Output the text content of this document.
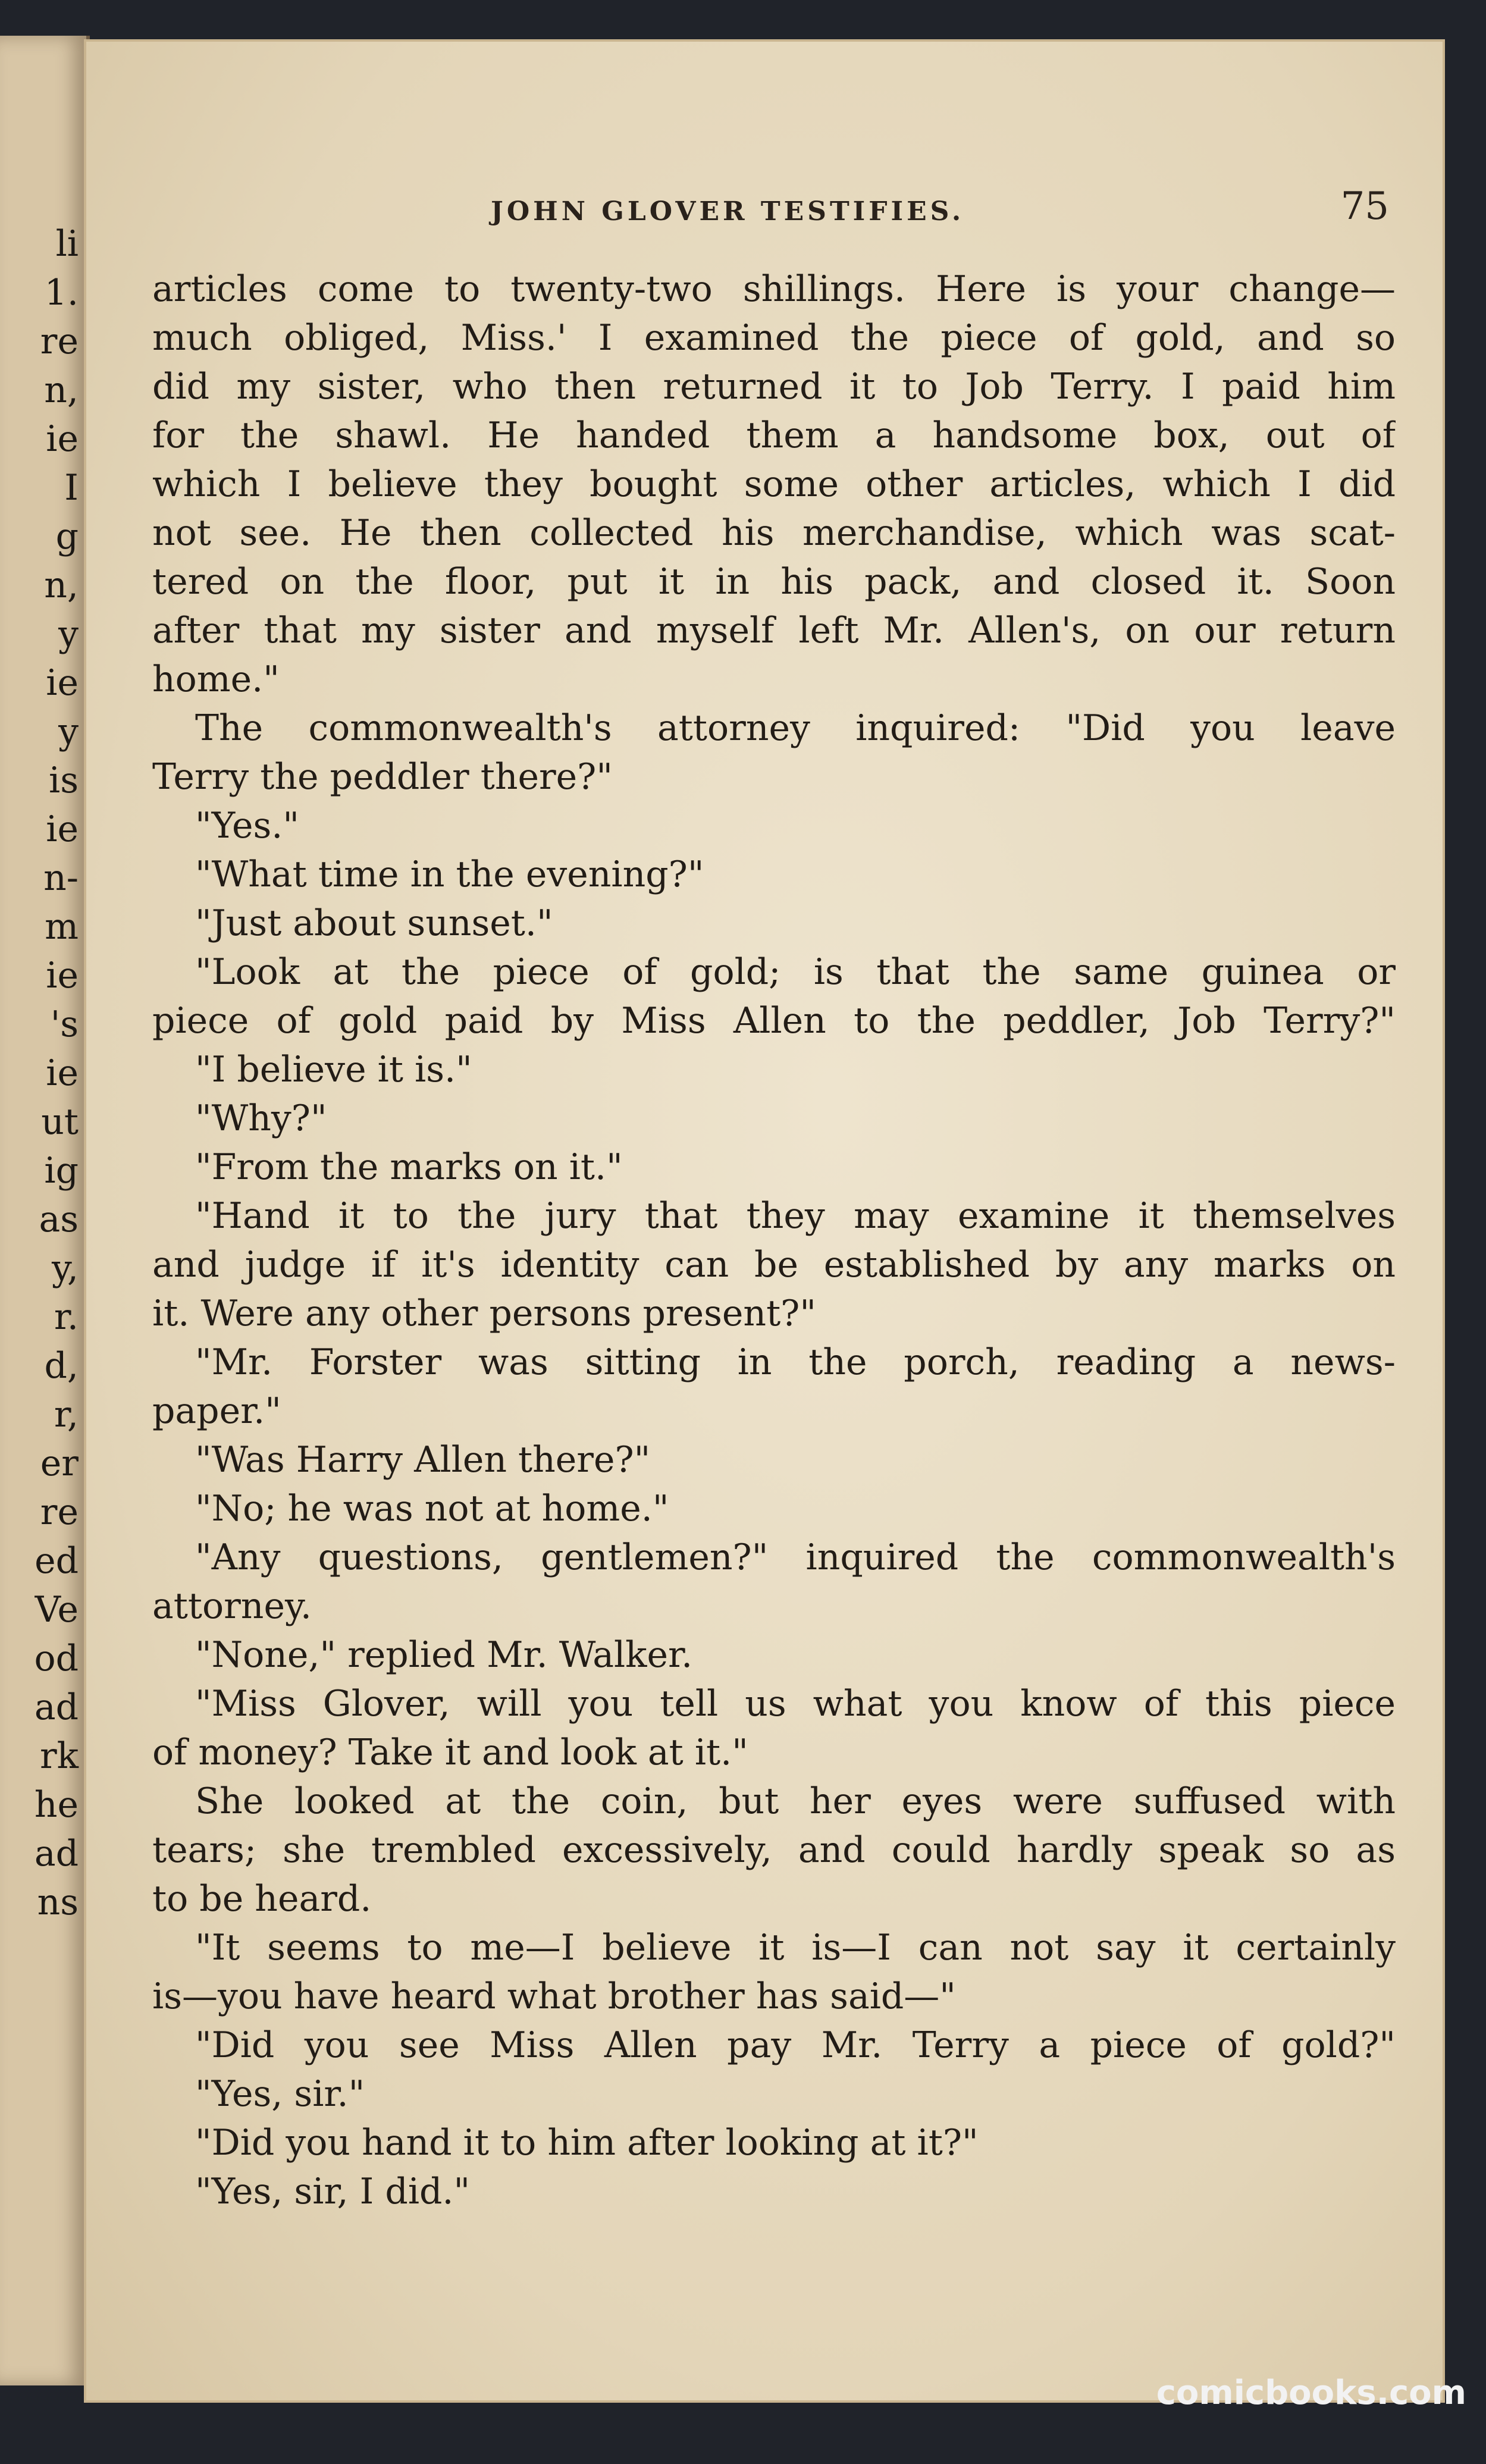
li
1.
re
n,
ie
I
g
n,
y
ie
y
is
ie
n-
m
ie
's
ie
ut
ig
as
y,
r.
d,
r,
er
re
ed
Ve
od
ad
rk
he
ad
ns
JOHN GLOVER TESTIFIES.	75
articles come to twenty-two shillings. Here is your change—
much obliged, Miss.' I examined the piece of gold, and so
did my sister, who then returned it to Job Terry. I paid him
for the shawl. He handed them a handsome box, out of
which I believe they bought some other articles, which I did
not see. He then collected his merchandise, which was scat-
tered on the floor, put it in his pack, and closed it. Soon
after that my sister and myself left Mr. Allen's, on our return
home."
The commonwealth's attorney inquired: "Did you leave
Terry the peddler there?"
"Yes."
"What time in the evening?"
"Just about sunset."
"Look at the piece of gold; is that the same guinea or
piece of gold paid by Miss Allen to the peddler, Job Terry?"
"I believe it is."
"Why?"
"From the marks on it."
"Hand it to the jury that they may examine it themselves
and judge if it's identity can be established by any marks on
it. Were any other persons present?"
"Mr. Forster was sitting in the porch, reading a news-
paper."
"Was Harry Allen there?"
"No; he was not at home."
"Any questions, gentlemen?" inquired the commonwealth's
attorney.
"None," replied Mr. Walker.
"Miss Glover, will you tell us what you know of this piece
of money? Take it and look at it."
She looked at the coin, but her eyes were suffused with
tears; she trembled excessively, and could hardly speak so as
to be heard.
"It seems to me—I believe it is—I can not say it certainly
is—you have heard what brother has said—"
"Did you see Miss Allen pay Mr. Terry a piece of gold?"
"Yes, sir."
"Did you hand it to him after looking at it?"
"Yes, sir, I did."
comicbooks.com
